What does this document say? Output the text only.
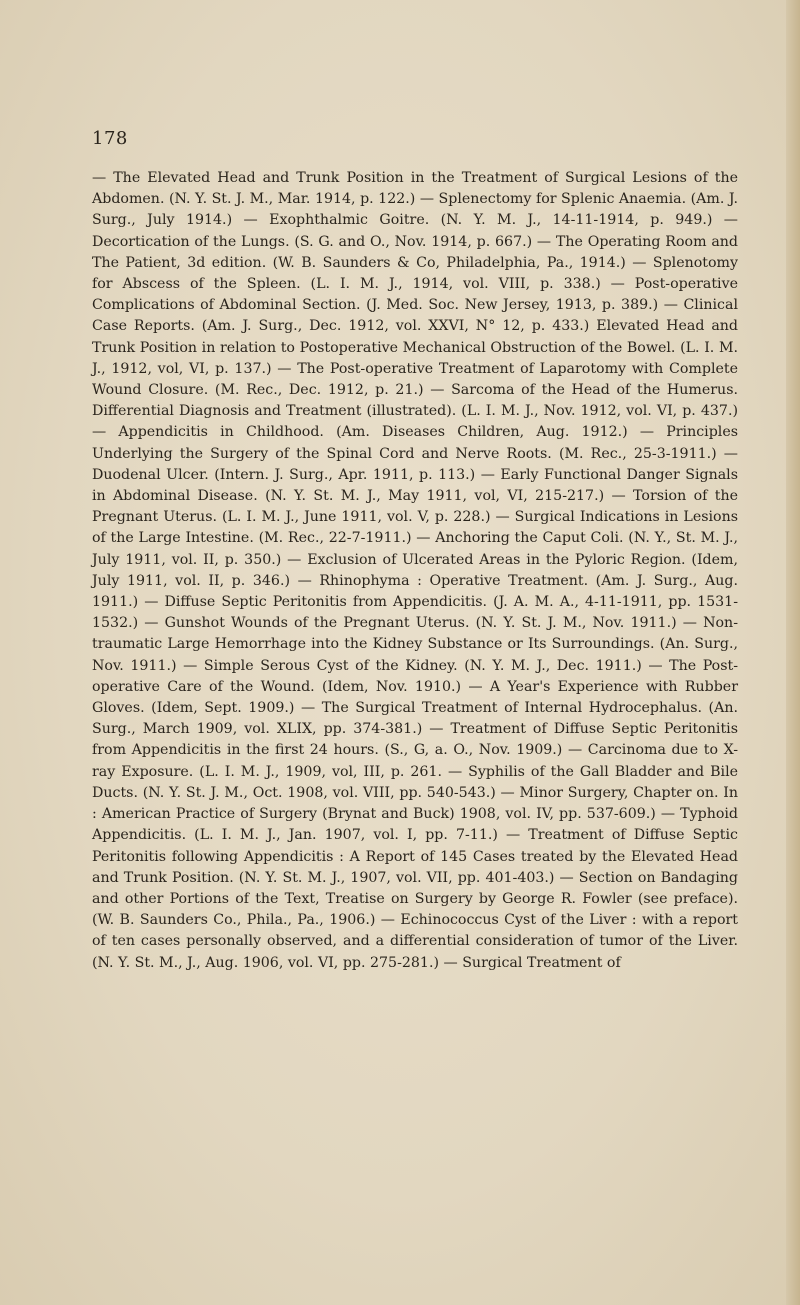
178

— The Elevated Head and Trunk Position in the Treatment of Surgical Lesions of the Abdomen. (N. Y. St. J. M., Mar. 1914, p. 122.) — Splenectomy for Splenic Anaemia. (Am. J. Surg., July 1914.) — Exophthalmic Goitre. (N. Y. M. J., 14-11-1914, p. 949.) — Decortication of the Lungs. (S. G. and O., Nov. 1914, p. 667.) — The Operating Room and The Patient, 3d edition. (W. B. Saunders & Co, Philadelphia, Pa., 1914.) — Splenotomy for Abscess of the Spleen. (L. I. M. J., 1914, vol. VIII, p. 338.) — Post-operative Complications of Abdominal Section. (J. Med. Soc. New Jersey, 1913, p. 389.) — Clinical Case Reports. (Am. J. Surg., Dec. 1912, vol. XXVI, N° 12, p. 433.) Elevated Head and Trunk Position in relation to Postoperative Mechanical Obstruction of the Bowel. (L. I. M. J., 1912, vol, VI, p. 137.) — The Post-operative Treatment of Laparotomy with Complete Wound Closure. (M. Rec., Dec. 1912, p. 21.) — Sarcoma of the Head of the Humerus. Differential Diagnosis and Treatment (illustrated). (L. I. M. J., Nov. 1912, vol. VI, p. 437.) — Appendicitis in Childhood. (Am. Diseases Children, Aug. 1912.) — Principles Underlying the Surgery of the Spinal Cord and Nerve Roots. (M. Rec., 25-3-1911.) — Duodenal Ulcer. (Intern. J. Surg., Apr. 1911, p. 113.) — Early Functional Danger Signals in Abdominal Disease. (N. Y. St. M. J., May 1911, vol, VI, 215-217.) — Torsion of the Pregnant Uterus. (L. I. M. J., June 1911, vol. V, p. 228.) — Surgical Indications in Lesions of the Large Intestine. (M. Rec., 22-7-1911.) — Anchoring the Caput Coli. (N. Y., St. M. J., July 1911, vol. II, p. 350.) — Exclusion of Ulcerated Areas in the Pyloric Region. (Idem, July 1911, vol. II, p. 346.) — Rhinophyma : Operative Treatment. (Am. J. Surg., Aug. 1911.) — Diffuse Septic Peritonitis from Appendicitis. (J. A. M. A., 4-11-1911, pp. 1531-1532.) — Gunshot Wounds of the Pregnant Uterus. (N. Y. St. J. M., Nov. 1911.) — Non-traumatic Large Hemorrhage into the Kidney Substance or Its Surroundings. (An. Surg., Nov. 1911.) — Simple Serous Cyst of the Kidney. (N. Y. M. J., Dec. 1911.) — The Post-operative Care of the Wound. (Idem, Nov. 1910.) — A Year's Experience with Rubber Gloves. (Idem, Sept. 1909.) — The Surgical Treatment of Internal Hydrocephalus. (An. Surg., March 1909, vol. XLIX, pp. 374-381.) — Treatment of Diffuse Septic Peritonitis from Appendicitis in the first 24 hours. (S., G, a. O., Nov. 1909.) — Carcinoma due to X-ray Exposure. (L. I. M. J., 1909, vol, III, p. 261. — Syphilis of the Gall Bladder and Bile Ducts. (N. Y. St. J. M., Oct. 1908, vol. VIII, pp. 540-543.) — Minor Surgery, Chapter on. In : American Practice of Surgery (Brynat and Buck) 1908, vol. IV, pp. 537-609.) — Typhoid Appendicitis. (L. I. M. J., Jan. 1907, vol. I, pp. 7-11.) — Treatment of Diffuse Septic Peritonitis following Appendicitis : A Report of 145 Cases treated by the Elevated Head and Trunk Position. (N. Y. St. M. J., 1907, vol. VII, pp. 401-403.) — Section on Bandaging and other Portions of the Text, Treatise on Surgery by George R. Fowler (see preface). (W. B. Saunders Co., Phila., Pa., 1906.) — Echinococcus Cyst of the Liver : with a report of ten cases personally observed, and a differential consideration of tumor of the Liver. (N. Y. St. M., J., Aug. 1906, vol. VI, pp. 275-281.) — Surgical Treatment of
